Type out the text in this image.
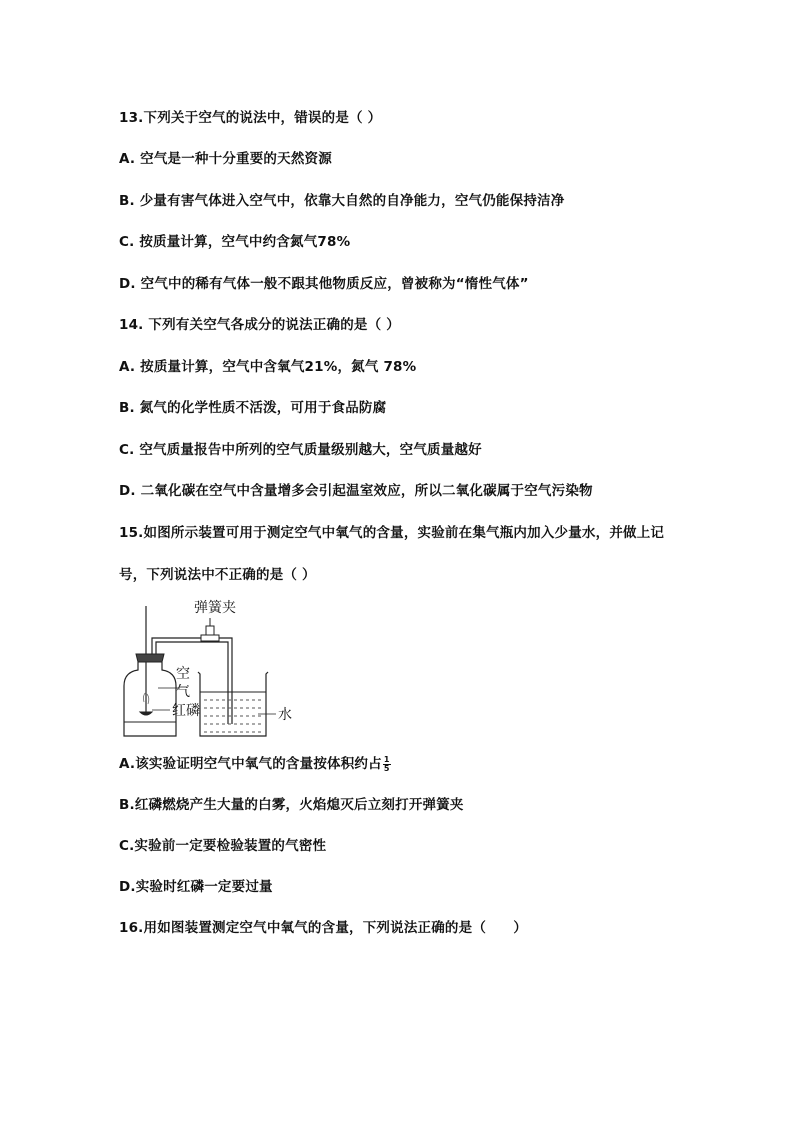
13.下列关于空气的说法中，错误的是（ ）
A. 空气是一种十分重要的天然资源
B. 少量有害气体进入空气中，依靠大自然的自净能力，空气仍能保持洁净
C. 按质量计算，空气中约含氮气78%
D. 空气中的稀有气体一般不跟其他物质反应，曾被称为“惰性气体”
14. 下列有关空气各成分的说法正确的是（ ）
A. 按质量计算，空气中含氧气21%，氮气 78%
B. 氮气的化学性质不活泼，可用于食品防腐
C. 空气质量报告中所列的空气质量级别越大，空气质量越好
D. 二氧化碳在空气中含量增多会引起温室效应，所以二氧化碳属于空气污染物
15.如图所示装置可用于测定空气中氧气的含量，实验前在集气瓶内加入少量水，并做上记
号，下列说法中不正确的是（ ）
弹簧夹
空
气
红磷	水
A.该实验证明空气中氧气的含量按体积约占 $\frac{1}{5}$
B.红磷燃烧产生大量的白雾，火焰熄灭后立刻打开弹簧夹
C.实验前一定要检验装置的气密性
D.实验时红磷一定要过量
16.用如图装置测定空气中氧气的含量，下列说法正确的是（　　）
